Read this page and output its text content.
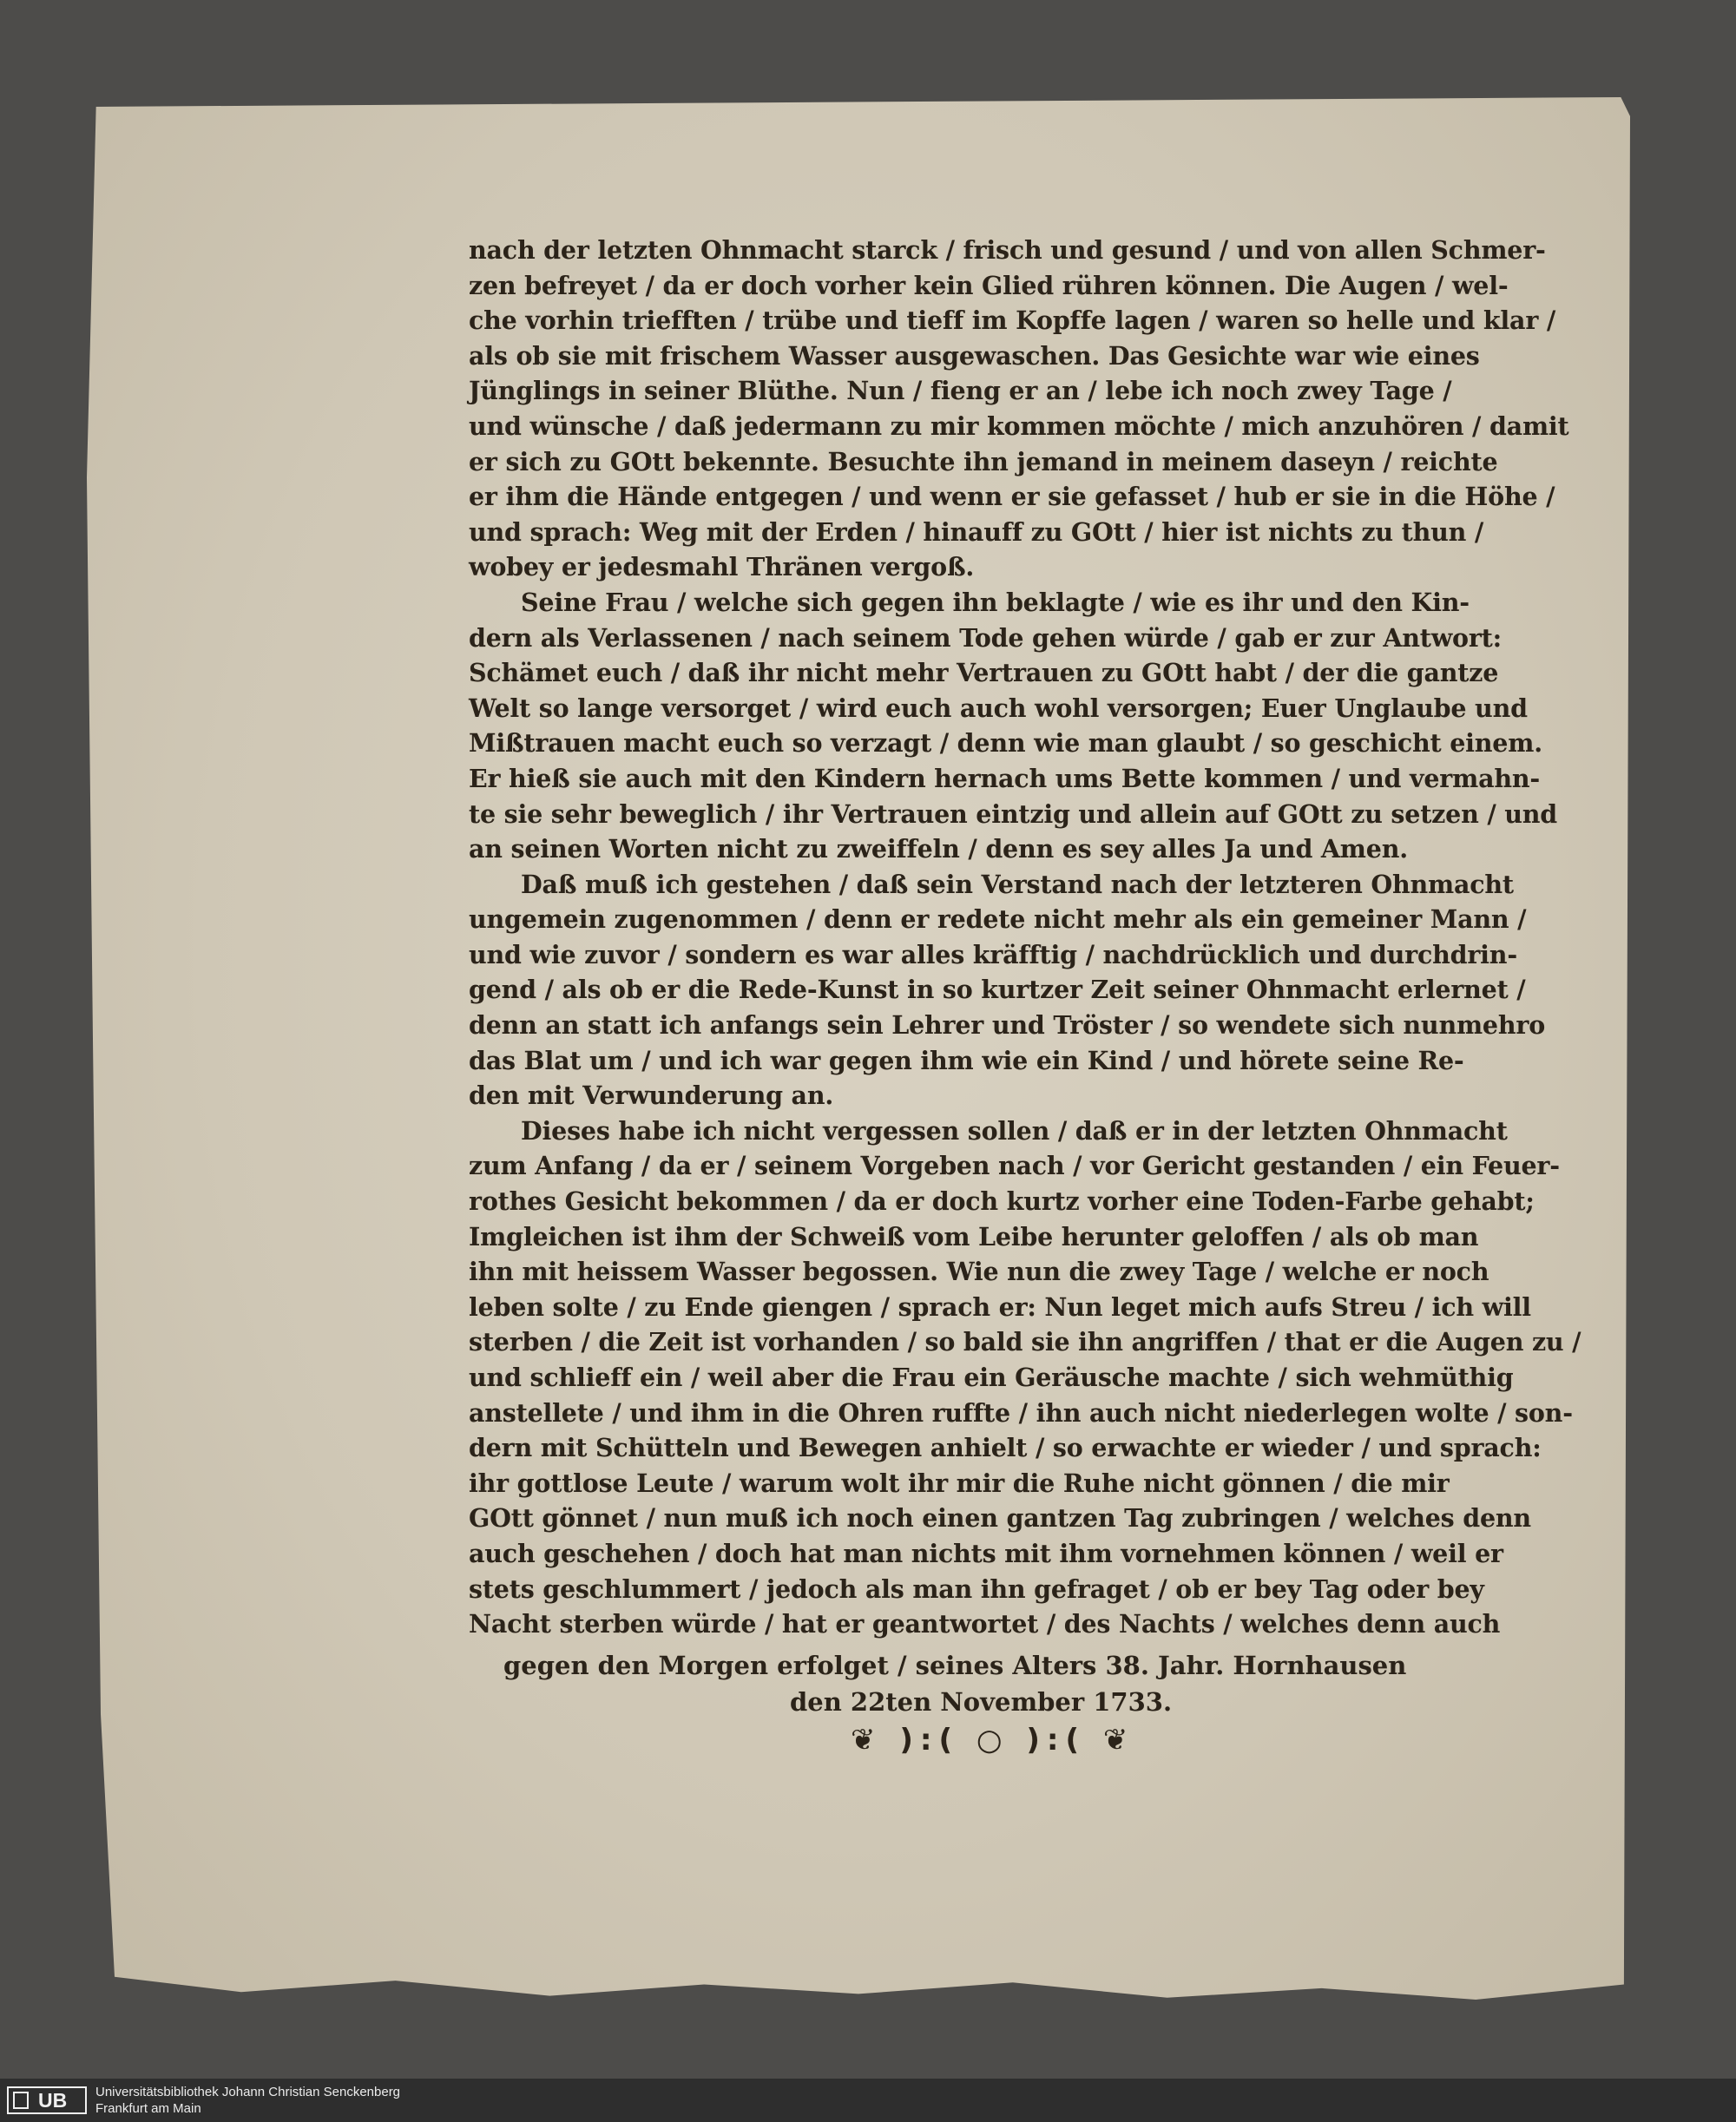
nach der letzten Ohnmacht starck / frisch und gesund / und von allen Schmer-
zen befreyet / da er doch vorher kein Glied rühren können. Die Augen / wel-
che vorhin triefften / trübe und tieff im Kopffe lagen / waren so helle und klar /
als ob sie mit frischem Wasser ausgewaschen. Das Gesichte war wie eines
Jünglings in seiner Blüthe. Nun / fieng er an / lebe ich noch zwey Tage /
und wünsche / daß jedermann zu mir kommen möchte / mich anzuhören / damit
er sich zu GOtt bekennte. Besuchte ihn jemand in meinem daseyn / reichte
er ihm die Hände entgegen / und wenn er sie gefasset / hub er sie in die Höhe /
und sprach: Weg mit der Erden / hinauff zu GOtt / hier ist nichts zu thun /
wobey er jedesmahl Thränen vergoß.
Seine Frau / welche sich gegen ihn beklagte / wie es ihr und den Kin-
dern als Verlassenen / nach seinem Tode gehen würde / gab er zur Antwort:
Schämet euch / daß ihr nicht mehr Vertrauen zu GOtt habt / der die gantze
Welt so lange versorget / wird euch auch wohl versorgen; Euer Unglaube und
Mißtrauen macht euch so verzagt / denn wie man glaubt / so geschicht einem.
Er hieß sie auch mit den Kindern hernach ums Bette kommen / und vermahn-
te sie sehr beweglich / ihr Vertrauen eintzig und allein auf GOtt zu setzen / und
an seinen Worten nicht zu zweiffeln / denn es sey alles Ja und Amen.
Daß muß ich gestehen / daß sein Verstand nach der letzteren Ohnmacht
ungemein zugenommen / denn er redete nicht mehr als ein gemeiner Mann /
und wie zuvor / sondern es war alles kräfftig / nachdrücklich und durchdrin-
gend / als ob er die Rede-Kunst in so kurtzer Zeit seiner Ohnmacht erlernet /
denn an statt ich anfangs sein Lehrer und Tröster / so wendete sich nunmehro
das Blat um / und ich war gegen ihm wie ein Kind / und hörete seine Re-
den mit Verwunderung an.
Dieses habe ich nicht vergessen sollen / daß er in der letzten Ohnmacht
zum Anfang / da er / seinem Vorgeben nach / vor Gericht gestanden / ein Feuer-
rothes Gesicht bekommen / da er doch kurtz vorher eine Toden-Farbe gehabt;
Imgleichen ist ihm der Schweiß vom Leibe herunter geloffen / als ob man
ihn mit heissem Wasser begossen. Wie nun die zwey Tage / welche er noch
leben solte / zu Ende giengen / sprach er: Nun leget mich aufs Streu / ich will
sterben / die Zeit ist vorhanden / so bald sie ihn angriffen / that er die Augen zu /
und schlieff ein / weil aber die Frau ein Geräusche machte / sich wehmüthig
anstellete / und ihm in die Ohren ruffte / ihn auch nicht niederlegen wolte / son-
dern mit Schütteln und Bewegen anhielt / so erwachte er wieder / und sprach:
ihr gottlose Leute / warum wolt ihr mir die Ruhe nicht gönnen / die mir
GOtt gönnet / nun muß ich noch einen gantzen Tag zubringen / welches denn
auch geschehen / doch hat man nichts mit ihm vornehmen können / weil er
stets geschlummert / jedoch als man ihn gefraget / ob er bey Tag oder bey
Nacht sterben würde / hat er geantwortet / des Nachts / welches denn auch
gegen den Morgen erfolget / seines Alters 38. Jahr. Hornhausen
den 22ten November 1733.
❦ ):( ○ ):( ❦
UB Universitätsbibliothek Johann Christian Senckenberg
Frankfurt am Main
